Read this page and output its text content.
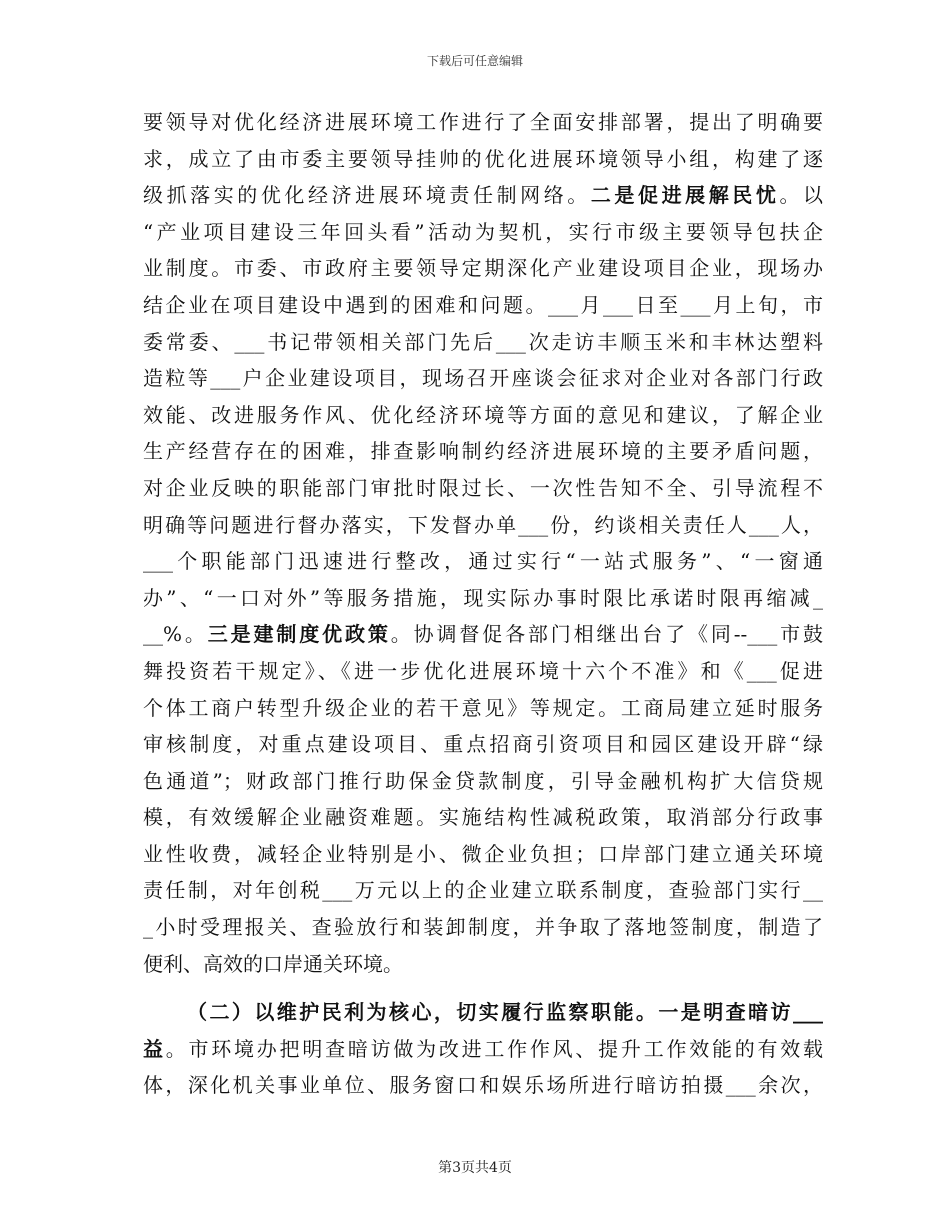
下载后可任意编辑
要领导对优化经济进展环境工作进行了全面安排部署，提出了明确要
求，成立了由市委主要领导挂帅的优化进展环境领导小组，构建了逐
级抓落实的优化经济进展环境责任制网络。二是促进展解民忧。以
“产业项目建设三年回头看”活动为契机，实行市级主要领导包扶企
业制度。市委、市政府主要领导定期深化产业建设项目企业，现场办
结企业在项目建设中遇到的困难和问题。___月___日至___月上旬，市
委常委、___书记带领相关部门先后___次走访丰顺玉米和丰林达塑料
造粒等___户企业建设项目，现场召开座谈会征求对企业对各部门行政
效能、改进服务作风、优化经济环境等方面的意见和建议，了解企业
生产经营存在的困难，排查影响制约经济进展环境的主要矛盾问题，
对企业反映的职能部门审批时限过长、一次性告知不全、引导流程不
明确等问题进行督办落实，下发督办单___份，约谈相关责任人___人，
___个职能部门迅速进行整改，通过实行“一站式服务”、“一窗通
办”、“一口对外”等服务措施，现实际办事时限比承诺时限再缩减_
__%。三是建制度优政策。协调督促各部门相继出台了《同--___市鼓
舞投资若干规定》、《进一步优化进展环境十六个不准》和《___促进
个体工商户转型升级企业的若干意见》等规定。工商局建立延时服务
审核制度，对重点建设项目、重点招商引资项目和园区建设开辟“绿
色通道”；财政部门推行助保金贷款制度，引导金融机构扩大信贷规
模，有效缓解企业融资难题。实施结构性减税政策，取消部分行政事
业性收费，减轻企业特别是小、微企业负担；口岸部门建立通关环境
责任制，对年创税___万元以上的企业建立联系制度，查验部门实行__
_小时受理报关、查验放行和装卸制度，并争取了落地签制度，制造了
便利、高效的口岸通关环境。
（二）以维护民利为核心，切实履行监察职能。一是明查暗访___
益。市环境办把明查暗访做为改进工作作风、提升工作效能的有效载
体，深化机关事业单位、服务窗口和娱乐场所进行暗访拍摄___余次，
第3页共4页
